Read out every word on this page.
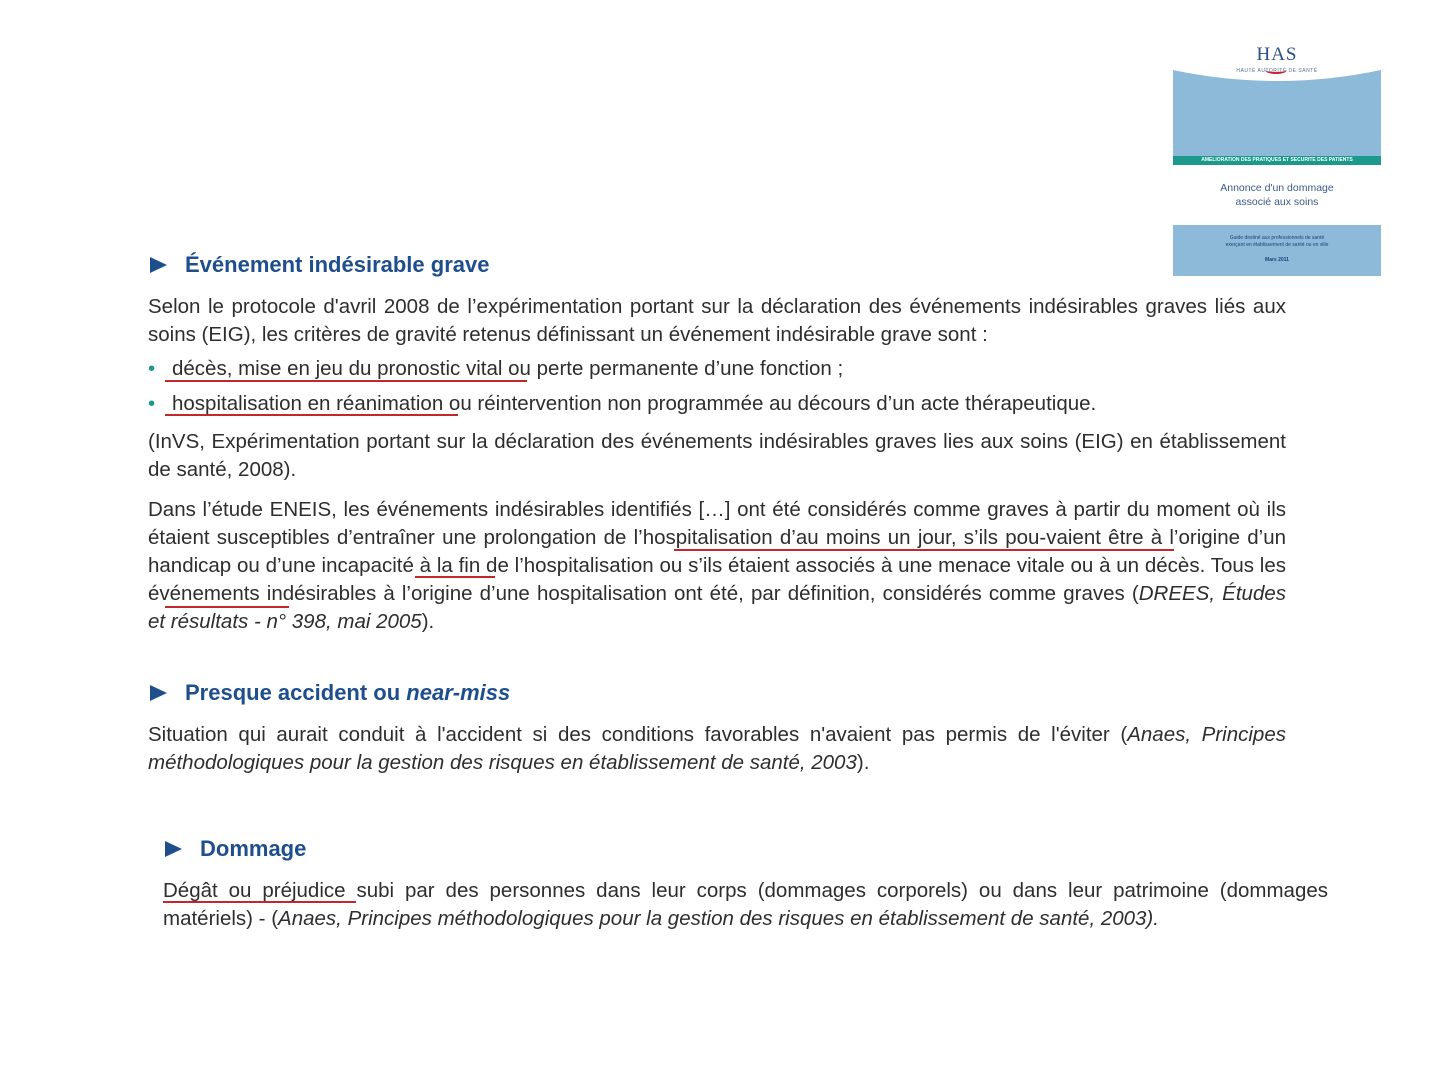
HAS
HAUTE AUTORITÉ DE SANTÉ
AMELIORATION DES PRATIQUES ET SECURITE DES PATIENTS
Annonce d'un dommage
associé aux soins
Guide destiné aux professionnels de santé
exerçant en établissement de santé ou en ville
Mars 2011
Événement indésirable grave
Selon le protocole d'avril 2008 de l’expérimentation portant sur la déclaration des événements indésirables graves liés aux soins (EIG), les critères de gravité retenus définissant un événement indésirable grave sont :
• décès, mise en jeu du pronostic vital ou perte permanente d’une fonction ;
• hospitalisation en réanimation ou réintervention non programmée au décours d’un acte thérapeutique.
(InVS, Expérimentation portant sur la déclaration des événements indésirables graves lies aux soins (EIG) en établissement de santé, 2008).
Dans l’étude ENEIS, les événements indésirables identifiés […] ont été considérés comme graves à partir du moment où ils étaient susceptibles d’entraîner une prolongation de l’hospitalisation d’au moins un jour, s’ils pou-vaient être à l’origine d’un handicap ou d’une incapacité à la fin de l’hospitalisation ou s’ils étaient associés à une menace vitale ou à un décès. Tous les événements indésirables à l’origine d’une hospitalisation ont été, par définition, considérés comme graves (DREES, Études et résultats - n° 398, mai 2005).
Presque accident ou near-miss
Situation qui aurait conduit à l'accident si des conditions favorables n'avaient pas permis de l'éviter (Anaes, Principes méthodologiques pour la gestion des risques en établissement de santé, 2003).
Dommage
Dégât ou préjudice subi par des personnes dans leur corps (dommages corporels) ou dans leur patrimoine (dommages matériels) - (Anaes, Principes méthodologiques pour la gestion des risques en établissement de santé, 2003).
